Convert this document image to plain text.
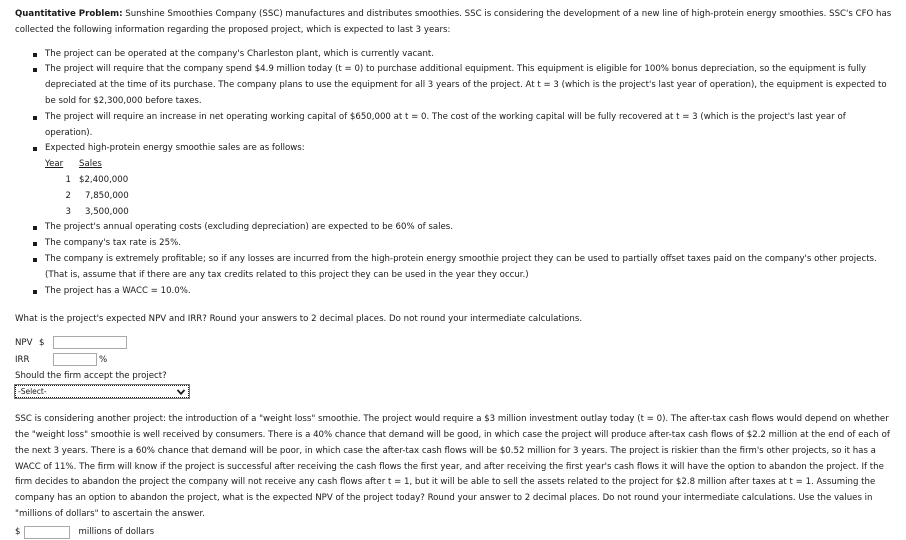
Quantitative Problem: Sunshine Smoothies Company (SSC) manufactures and distributes smoothies. SSC is considering the development of a new line of high-protein energy smoothies. SSC's CFO has collected the following information regarding the proposed project, which is expected to last 3 years:

The project can be operated at the company's Charleston plant, which is currently vacant.
The project will require that the company spend $4.9 million today (t = 0) to purchase additional equipment. This equipment is eligible for 100% bonus depreciation, so the equipment is fully depreciated at the time of its purchase. The company plans to use the equipment for all 3 years of the project. At t = 3 (which is the project's last year of operation), the equipment is expected to be sold for $2,300,000 before taxes.
The project will require an increase in net operating working capital of $650,000 at t = 0. The cost of the working capital will be fully recovered at t = 3 (which is the project's last year of operation).
Expected high-protein energy smoothie sales are as follows:
Year	Sales
1	$2,400,000
2	7,850,000
3	3,500,000
The project's annual operating costs (excluding depreciation) are expected to be 60% of sales.
The company's tax rate is 25%.
The company is extremely profitable; so if any losses are incurred from the high-protein energy smoothie project they can be used to partially offset taxes paid on the company's other projects. (That is, assume that if there are any tax credits related to this project they can be used in the year they occur.)
The project has a WACC = 10.0%.

What is the project's expected NPV and IRR? Round your answers to 2 decimal places. Do not round your intermediate calculations.

NPV $
IRR	%

Should the firm accept the project?

-Select-

SSC is considering another project: the introduction of a "weight loss" smoothie. The project would require a $3 million investment outlay today (t = 0). The after-tax cash flows would depend on whether the "weight loss" smoothie is well received by consumers. There is a 40% chance that demand will be good, in which case the project will produce after-tax cash flows of $2.2 million at the end of each of the next 3 years. There is a 60% chance that demand will be poor, in which case the after-tax cash flows will be $0.52 million for 3 years. The project is riskier than the firm's other projects, so it has a WACC of 11%. The firm will know if the project is successful after receiving the cash flows the first year, and after receiving the first year's cash flows it will have the option to abandon the project. If the firm decides to abandon the project the company will not receive any cash flows after t = 1, but it will be able to sell the assets related to the project for $2.8 million after taxes at t = 1. Assuming the company has an option to abandon the project, what is the expected NPV of the project today? Round your answer to 2 decimal places. Do not round your intermediate calculations. Use the values in "millions of dollars" to ascertain the answer.

$	millions of dollars
